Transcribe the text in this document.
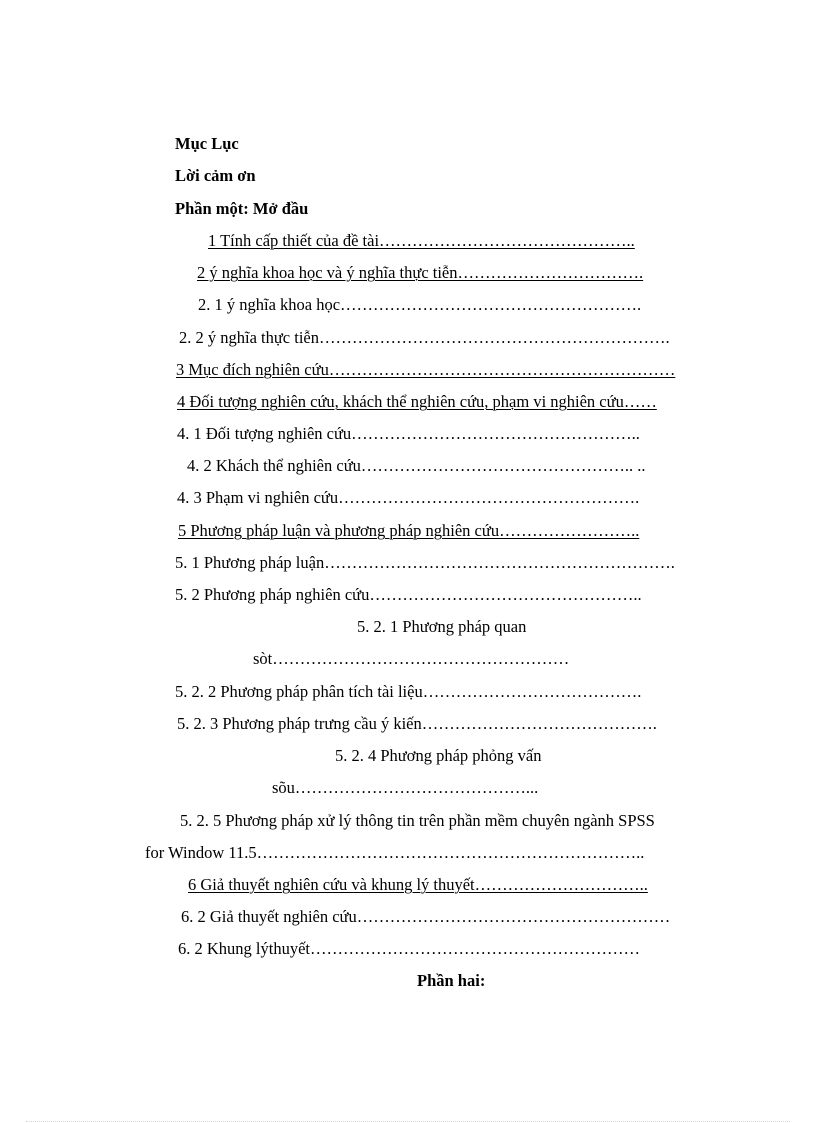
Mục Lục
Lời cảm ơn
Phần một: Mở đầu
1 Tính cấp thiết của đề tài………………………………………..
2 ý nghĩa khoa học và ý nghĩa thực tiễn…………………………….
2. 1 ý nghĩa khoa học……………………………………………….
2. 2 ý nghĩa thực tiễn……………………………………………………….
3 Mục đích nghiên cứu………………………………………………………
4 Đối tượng nghiên cứu, khách thể nghiên cứu, phạm vi nghiên cứu……
4. 1 Đối tượng nghiên cứu……………………………………………..
4. 2 Khách thể nghiên cứu………………………………………….. ..
4. 3 Phạm vi nghiên cứu……………………………………………….
5 Phương pháp luận và phương pháp nghiên cứu……………………..
5. 1 Phương pháp luận……………………………………………………….
5. 2 Phương pháp nghiên cứu…………………………………………..
5. 2. 1 Phương pháp quan
sòt………………………………………………
5. 2. 2 Phương pháp phân tích tài liệu………………………………….
5. 2. 3 Phương pháp trưng cầu ý kiến…………………………………….
5. 2. 4 Phương pháp phỏng vấn
sõu……………………………………...
5. 2. 5 Phương pháp xử lý thông tin trên phần mềm chuyên ngành SPSS
for Window 11.5……………………………………………………………..
6 Giả thuyết nghiên cứu và khung lý thuyết…………………………..
6. 2 Giả thuyết nghiên cứu…………………………………………………
6. 2 Khung lýthuyết……………………………………………………
Phần hai:
